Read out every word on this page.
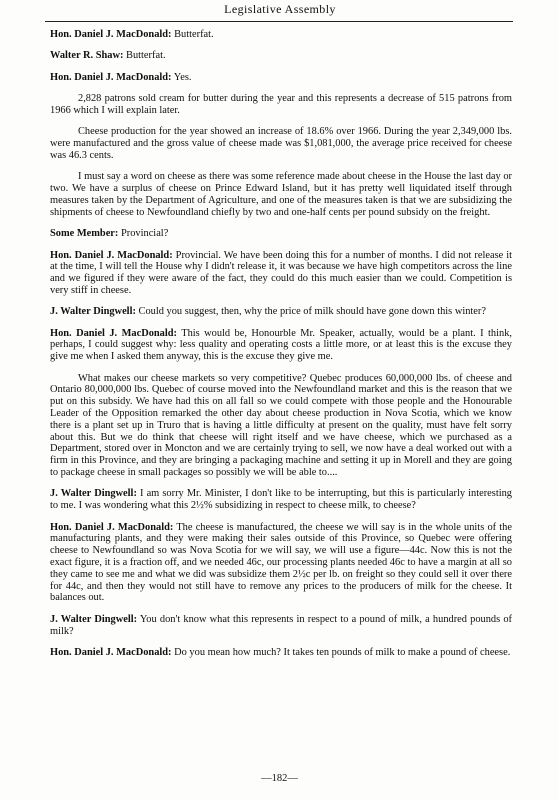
Legislative Assembly

Hon. Daniel J. MacDonald: Butterfat.

Walter R. Shaw: Butterfat.

Hon. Daniel J. MacDonald: Yes.

2,828 patrons sold cream for butter during the year and this represents a decrease of 515 patrons from 1966 which I will explain later.

Cheese production for the year showed an increase of 18.6% over 1966. During the year 2,349,000 lbs. were manufactured and the gross value of cheese made was $1,081,000, the average price received for cheese was 46.3 cents.

I must say a word on cheese as there was some reference made about cheese in the House the last day or two. We have a surplus of cheese on Prince Edward Island, but it has pretty well liquidated itself through measures taken by the Department of Agriculture, and one of the measures taken is that we are subsidizing the shipments of cheese to Newfoundland chiefly by two and one-half cents per pound subsidy on the freight.

Some Member: Provincial?

Hon. Daniel J. MacDonald: Provincial. We have been doing this for a number of months. I did not release it at the time, I will tell the House why I didn't release it, it was because we have high competitors across the line and we figured if they were aware of the fact, they could do this much easier than we could. Competition is very stiff in cheese.

J. Walter Dingwell: Could you suggest, then, why the price of milk should have gone down this winter?

Hon. Daniel J. MacDonald: This would be, Honourble Mr. Speaker, actually, would be a plant. I think, perhaps, I could suggest why: less quality and operating costs a little more, or at least this is the excuse they give me when I asked them anyway, this is the excuse they give me.

What makes our cheese markets so very competitive? Quebec produces 60,000,000 lbs. of cheese and Ontario 80,000,000 lbs. Quebec of course moved into the Newfoundland market and this is the reason that we put on this subsidy. We have had this on all fall so we could compete with those people and the Honourable Leader of the Opposition remarked the other day about cheese production in Nova Scotia, which we know there is a plant set up in Truro that is having a little difficulty at present on the quality, must have felt sorry about this. But we do think that cheese will right itself and we have cheese, which we purchased as a Department, stored over in Moncton and we are certainly trying to sell, we now have a deal worked out with a firm in this Province, and they are bringing a packaging machine and setting it up in Morell and they are going to package cheese in small packages so possibly we will be able to....

J. Walter Dingwell: I am sorry Mr. Minister, I don't like to be interrupting, but this is particularly interesting to me. I was wondering what this 2½% subsidizing in respect to cheese milk, to cheese?

Hon. Daniel J. MacDonald: The cheese is manufactured, the cheese we will say is in the whole units of the manufacturing plants, and they were making their sales outside of this Province, so Quebec were offering cheese to Newfoundland so was Nova Scotia for we will say, we will use a figure—44c. Now this is not the exact figure, it is a fraction off, and we needed 46c, our processing plants needed 46c to have a margin at all so they came to see me and what we did was subsidize them 2½c per lb. on freight so they could sell it over there for 44c, and then they would not still have to remove any prices to the producers of milk for the cheese. It balances out.

J. Walter Dingwell: You don't know what this represents in respect to a pound of milk, a hundred pounds of milk?

Hon. Daniel J. MacDonald: Do you mean how much? It takes ten pounds of milk to make a pound of cheese.

—182—
